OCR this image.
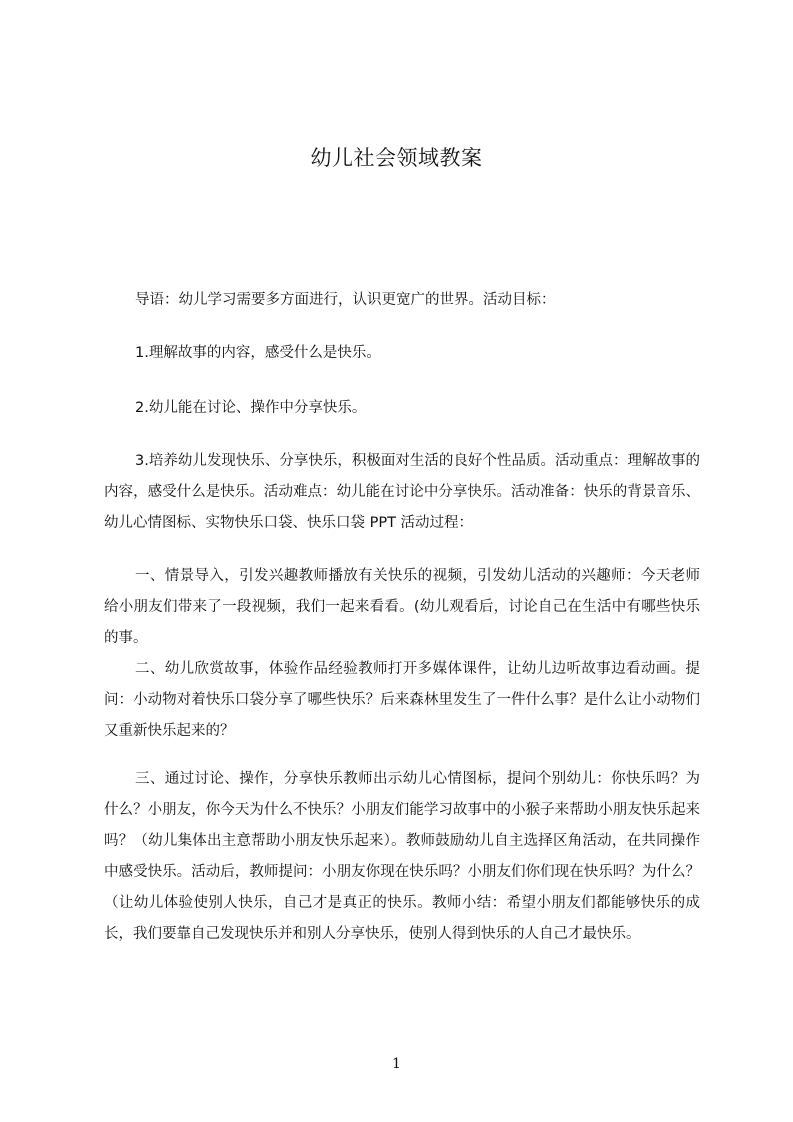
幼儿社会领域教案

导语：幼儿学习需要多方面进行，认识更宽广的世界。活动目标：

1.理解故事的内容，感受什么是快乐。

2.幼儿能在讨论、操作中分享快乐。

3.培养幼儿发现快乐、分享快乐，积极面对生活的良好个性品质。活动重点：理解故事的内容，感受什么是快乐。活动难点：幼儿能在讨论中分享快乐。活动准备：快乐的背景音乐、幼儿心情图标、实物快乐口袋、快乐口袋 PPT 活动过程：

一、情景导入，引发兴趣教师播放有关快乐的视频，引发幼儿活动的兴趣师：今天老师给小朋友们带来了一段视频，我们一起来看看。(幼儿观看后，讨论自己在生活中有哪些快乐的事。

二、幼儿欣赏故事，体验作品经验教师打开多媒体课件，让幼儿边听故事边看动画。提问：小动物对着快乐口袋分享了哪些快乐？后来森林里发生了一件什么事？是什么让小动物们又重新快乐起来的？

三、通过讨论、操作，分享快乐教师出示幼儿心情图标，提问个别幼儿：你快乐吗？为什么？小朋友，你今天为什么不快乐？小朋友们能学习故事中的小猴子来帮助小朋友快乐起来吗？（幼儿集体出主意帮助小朋友快乐起来）。教师鼓励幼儿自主选择区角活动，在共同操作中感受快乐。活动后，教师提问：小朋友你现在快乐吗？小朋友们你们现在快乐吗？为什么？（让幼儿体验使别人快乐，自己才是真正的快乐。教师小结：希望小朋友们都能够快乐的成长，我们要靠自己发现快乐并和别人分享快乐，使别人得到快乐的人自己才最快乐。

1
